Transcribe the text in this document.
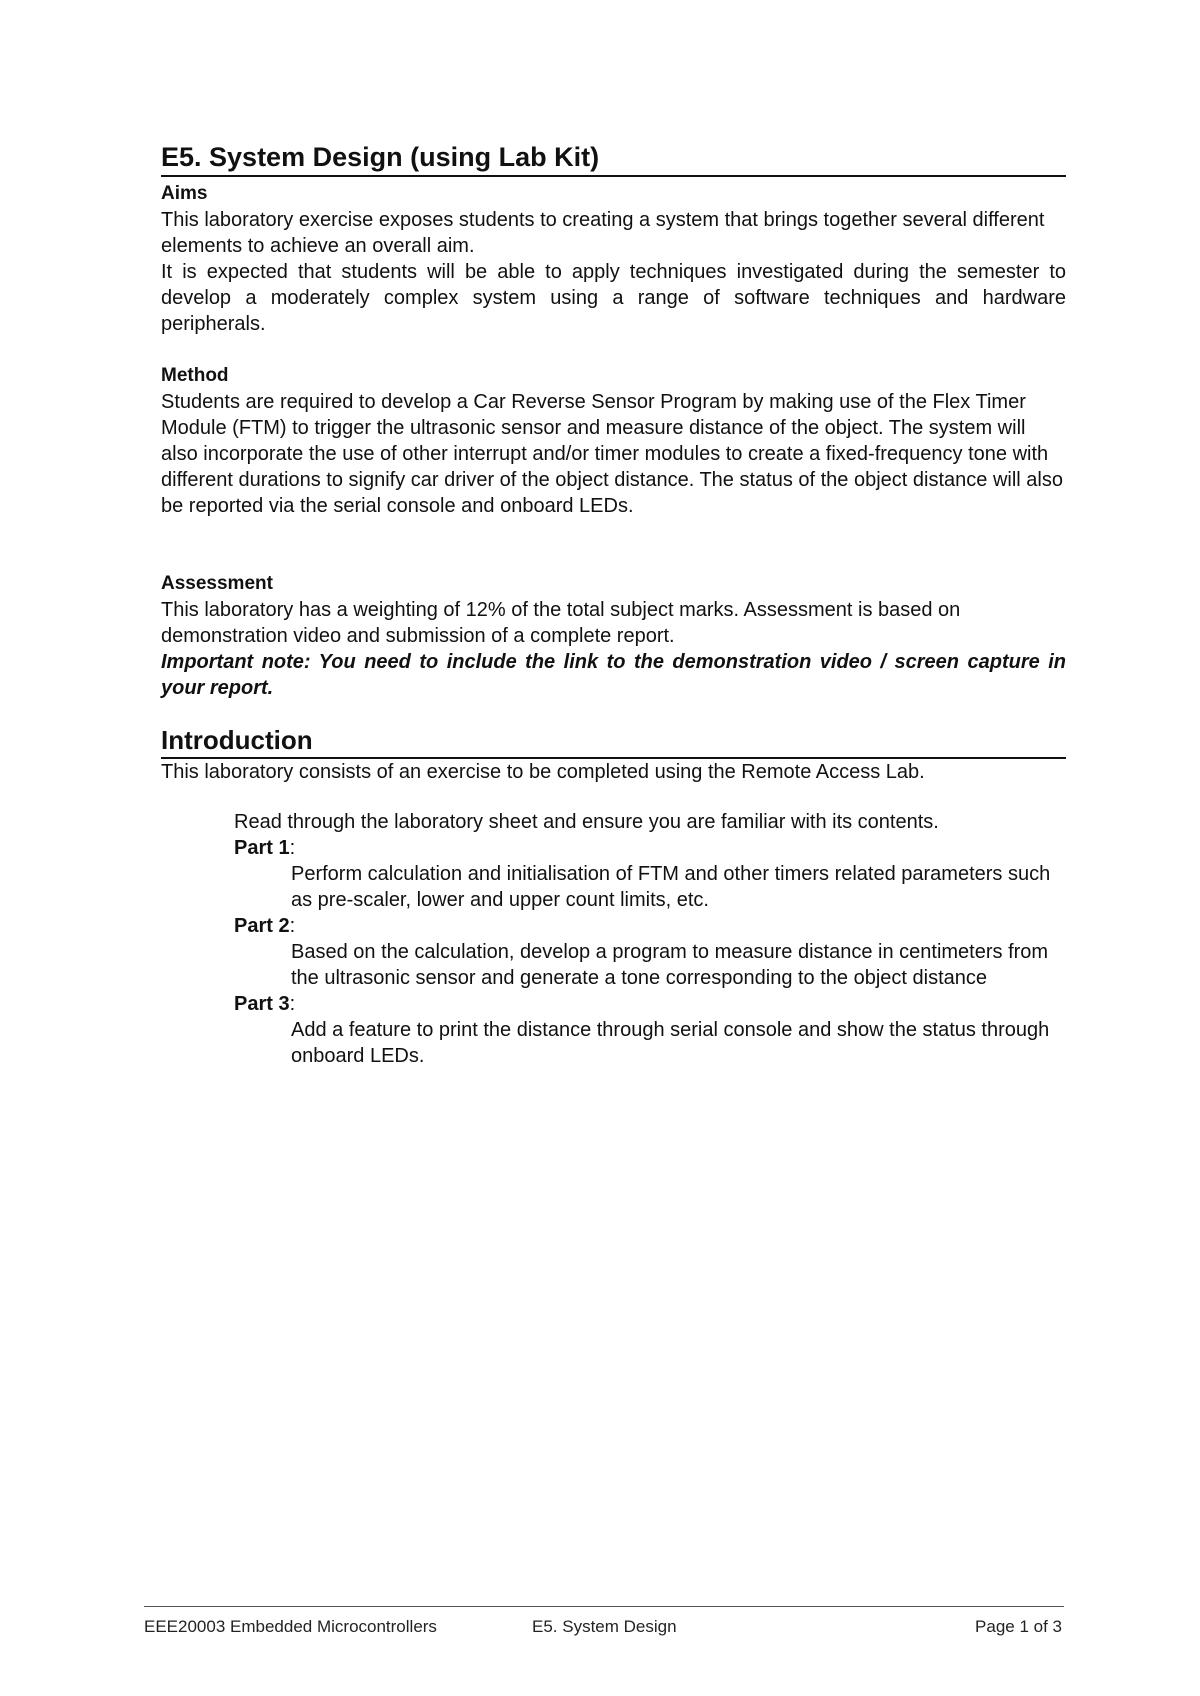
E5. System Design (using Lab Kit)
Aims

This laboratory exercise exposes students to creating a system that brings together several different elements to achieve an overall aim.

It is expected that students will be able to apply techniques investigated during the semester to develop a moderately complex system using a range of software techniques and hardware peripherals.

Method

Students are required to develop a Car Reverse Sensor Program by making use of the Flex Timer Module (FTM) to trigger the ultrasonic sensor and measure distance of the object. The system will also incorporate the use of other interrupt and/or timer modules to create a fixed-frequency tone with different durations to signify car driver of the object distance. The status of the object distance will also be reported via the serial console and onboard LEDs.

Assessment

This laboratory has a weighting of 12% of the total subject marks. Assessment is based on demonstration video and submission of a complete report.

Important note: You need to include the link to the demonstration video / screen capture in your report.

Introduction

This laboratory consists of an exercise to be completed using the Remote Access Lab.

Read through the laboratory sheet and ensure you are familiar with its contents.

Part 1:

Perform calculation and initialisation of FTM and other timers related parameters such as pre-scaler, lower and upper count limits, etc.

Part 2:

Based on the calculation, develop a program to measure distance in centimeters from the ultrasonic sensor and generate a tone corresponding to the object distance

Part 3:

Add a feature to print the distance through serial console and show the status through onboard LEDs.

EEE20003 Embedded Microcontrollers	E5. System Design	Page 1 of 3
